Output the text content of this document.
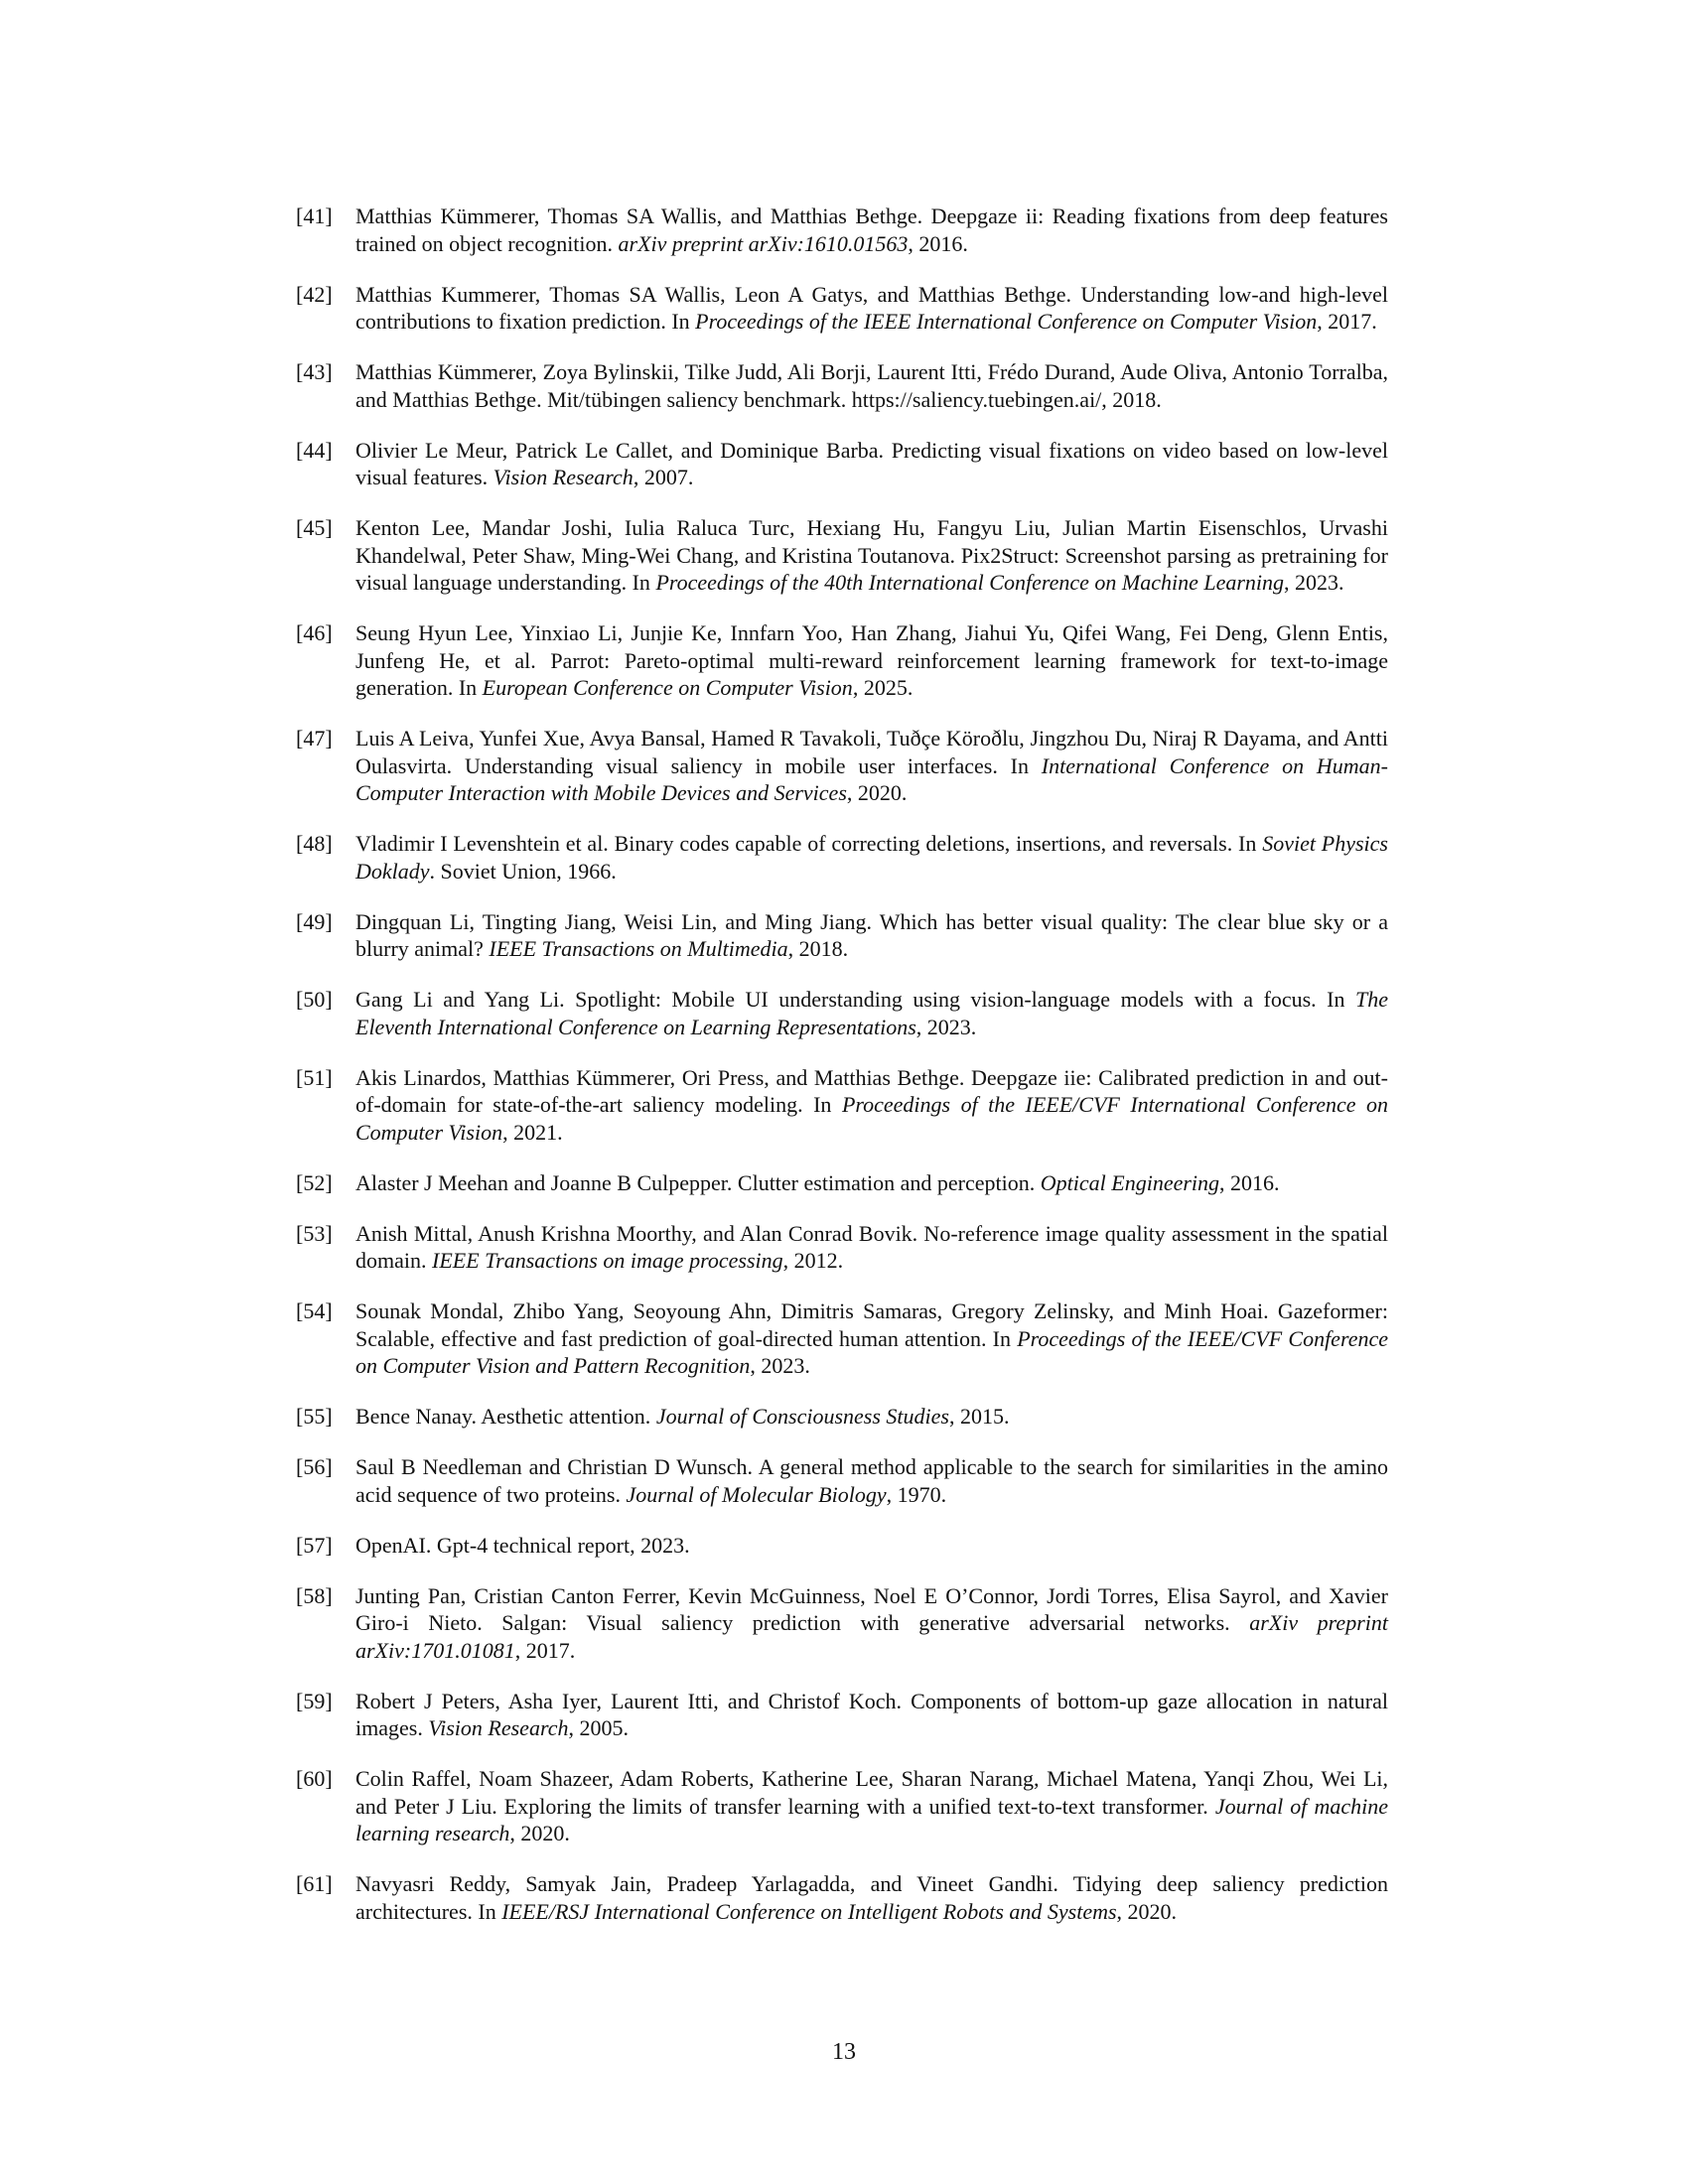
[41] Matthias Kümmerer, Thomas SA Wallis, and Matthias Bethge. Deepgaze ii: Reading fixations from deep features trained on object recognition. arXiv preprint arXiv:1610.01563, 2016.
[42] Matthias Kummerer, Thomas SA Wallis, Leon A Gatys, and Matthias Bethge. Understanding low-and high-level contributions to fixation prediction. In Proceedings of the IEEE International Conference on Computer Vision, 2017.
[43] Matthias Kümmerer, Zoya Bylinskii, Tilke Judd, Ali Borji, Laurent Itti, Frédo Durand, Aude Oliva, Antonio Torralba, and Matthias Bethge. Mit/tübingen saliency benchmark. https://saliency.tuebingen.ai/, 2018.
[44] Olivier Le Meur, Patrick Le Callet, and Dominique Barba. Predicting visual fixations on video based on low-level visual features. Vision Research, 2007.
[45] Kenton Lee, Mandar Joshi, Iulia Raluca Turc, Hexiang Hu, Fangyu Liu, Julian Martin Eisenschlos, Urvashi Khandelwal, Peter Shaw, Ming-Wei Chang, and Kristina Toutanova. Pix2Struct: Screenshot parsing as pretraining for visual language understanding. In Proceedings of the 40th International Conference on Machine Learning, 2023.
[46] Seung Hyun Lee, Yinxiao Li, Junjie Ke, Innfarn Yoo, Han Zhang, Jiahui Yu, Qifei Wang, Fei Deng, Glenn Entis, Junfeng He, et al. Parrot: Pareto-optimal multi-reward reinforcement learning framework for text-to-image generation. In European Conference on Computer Vision, 2025.
[47] Luis A Leiva, Yunfei Xue, Avya Bansal, Hamed R Tavakoli, Tuðçe Köroðlu, Jingzhou Du, Niraj R Dayama, and Antti Oulasvirta. Understanding visual saliency in mobile user interfaces. In International Conference on Human-Computer Interaction with Mobile Devices and Services, 2020.
[48] Vladimir I Levenshtein et al. Binary codes capable of correcting deletions, insertions, and reversals. In Soviet Physics Doklady. Soviet Union, 1966.
[49] Dingquan Li, Tingting Jiang, Weisi Lin, and Ming Jiang. Which has better visual quality: The clear blue sky or a blurry animal? IEEE Transactions on Multimedia, 2018.
[50] Gang Li and Yang Li. Spotlight: Mobile UI understanding using vision-language models with a focus. In The Eleventh International Conference on Learning Representations, 2023.
[51] Akis Linardos, Matthias Kümmerer, Ori Press, and Matthias Bethge. Deepgaze iie: Calibrated prediction in and out-of-domain for state-of-the-art saliency modeling. In Proceedings of the IEEE/CVF International Conference on Computer Vision, 2021.
[52] Alaster J Meehan and Joanne B Culpepper. Clutter estimation and perception. Optical Engineering, 2016.
[53] Anish Mittal, Anush Krishna Moorthy, and Alan Conrad Bovik. No-reference image quality assessment in the spatial domain. IEEE Transactions on image processing, 2012.
[54] Sounak Mondal, Zhibo Yang, Seoyoung Ahn, Dimitris Samaras, Gregory Zelinsky, and Minh Hoai. Gazeformer: Scalable, effective and fast prediction of goal-directed human attention. In Proceedings of the IEEE/CVF Conference on Computer Vision and Pattern Recognition, 2023.
[55] Bence Nanay. Aesthetic attention. Journal of Consciousness Studies, 2015.
[56] Saul B Needleman and Christian D Wunsch. A general method applicable to the search for similarities in the amino acid sequence of two proteins. Journal of Molecular Biology, 1970.
[57] OpenAI. Gpt-4 technical report, 2023.
[58] Junting Pan, Cristian Canton Ferrer, Kevin McGuinness, Noel E O’Connor, Jordi Torres, Elisa Sayrol, and Xavier Giro-i Nieto. Salgan: Visual saliency prediction with generative adversarial networks. arXiv preprint arXiv:1701.01081, 2017.
[59] Robert J Peters, Asha Iyer, Laurent Itti, and Christof Koch. Components of bottom-up gaze allocation in natural images. Vision Research, 2005.
[60] Colin Raffel, Noam Shazeer, Adam Roberts, Katherine Lee, Sharan Narang, Michael Matena, Yanqi Zhou, Wei Li, and Peter J Liu. Exploring the limits of transfer learning with a unified text-to-text transformer. Journal of machine learning research, 2020.
[61] Navyasri Reddy, Samyak Jain, Pradeep Yarlagadda, and Vineet Gandhi. Tidying deep saliency prediction architectures. In IEEE/RSJ International Conference on Intelligent Robots and Systems, 2020.
13
